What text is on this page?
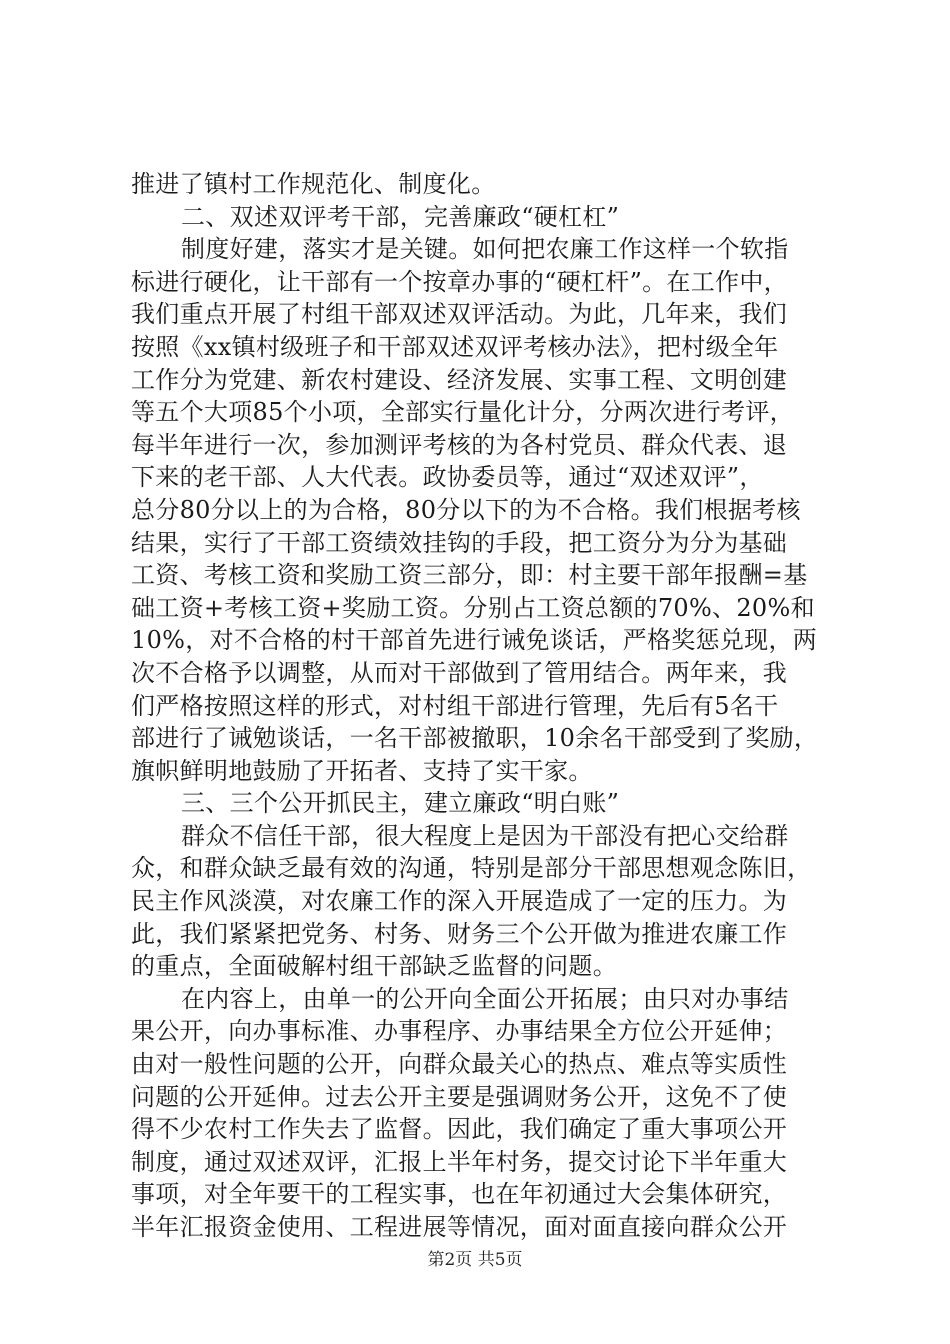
推进了镇村工作规范化、制度化。
二、双述双评考干部，完善廉政“硬杠杠”
制度好建，落实才是关键。如何把农廉工作这样一个软指
标进行硬化，让干部有一个按章办事的“硬杠杆”。在工作中，
我们重点开展了村组干部双述双评活动。为此，几年来，我们
按照《xx镇村级班子和干部双述双评考核办法》，把村级全年
工作分为党建、新农村建设、经济发展、实事工程、文明创建
等五个大项85个小项，全部实行量化计分，分两次进行考评，
每半年进行一次，参加测评考核的为各村党员、群众代表、退
下来的老干部、人大代表。政协委员等，通过“双述双评”，
总分80分以上的为合格，80分以下的为不合格。我们根据考核
结果，实行了干部工资绩效挂钩的手段，把工资分为分为基础
工资、考核工资和奖励工资三部分，即：村主要干部年报酬=基
础工资+考核工资+奖励工资。分别占工资总额的70%、20%和
10%，对不合格的村干部首先进行诫免谈话，严格奖惩兑现，两
次不合格予以调整，从而对干部做到了管用结合。两年来，我
们严格按照这样的形式，对村组干部进行管理，先后有5名干
部进行了诫勉谈话，一名干部被撤职，10余名干部受到了奖励，
旗帜鲜明地鼓励了开拓者、支持了实干家。
三、三个公开抓民主，建立廉政“明白账”
群众不信任干部，很大程度上是因为干部没有把心交给群
众，和群众缺乏最有效的沟通，特别是部分干部思想观念陈旧，
民主作风淡漠，对农廉工作的深入开展造成了一定的压力。为
此，我们紧紧把党务、村务、财务三个公开做为推进农廉工作
的重点，全面破解村组干部缺乏监督的问题。
在内容上，由单一的公开向全面公开拓展；由只对办事结
果公开，向办事标准、办事程序、办事结果全方位公开延伸；
由对一般性问题的公开，向群众最关心的热点、难点等实质性
问题的公开延伸。过去公开主要是强调财务公开，这免不了使
得不少农村工作失去了监督。因此，我们确定了重大事项公开
制度，通过双述双评，汇报上半年村务，提交讨论下半年重大
事项，对全年要干的工程实事，也在年初通过大会集体研究，
半年汇报资金使用、工程进展等情况，面对面直接向群众公开
第2页 共5页
